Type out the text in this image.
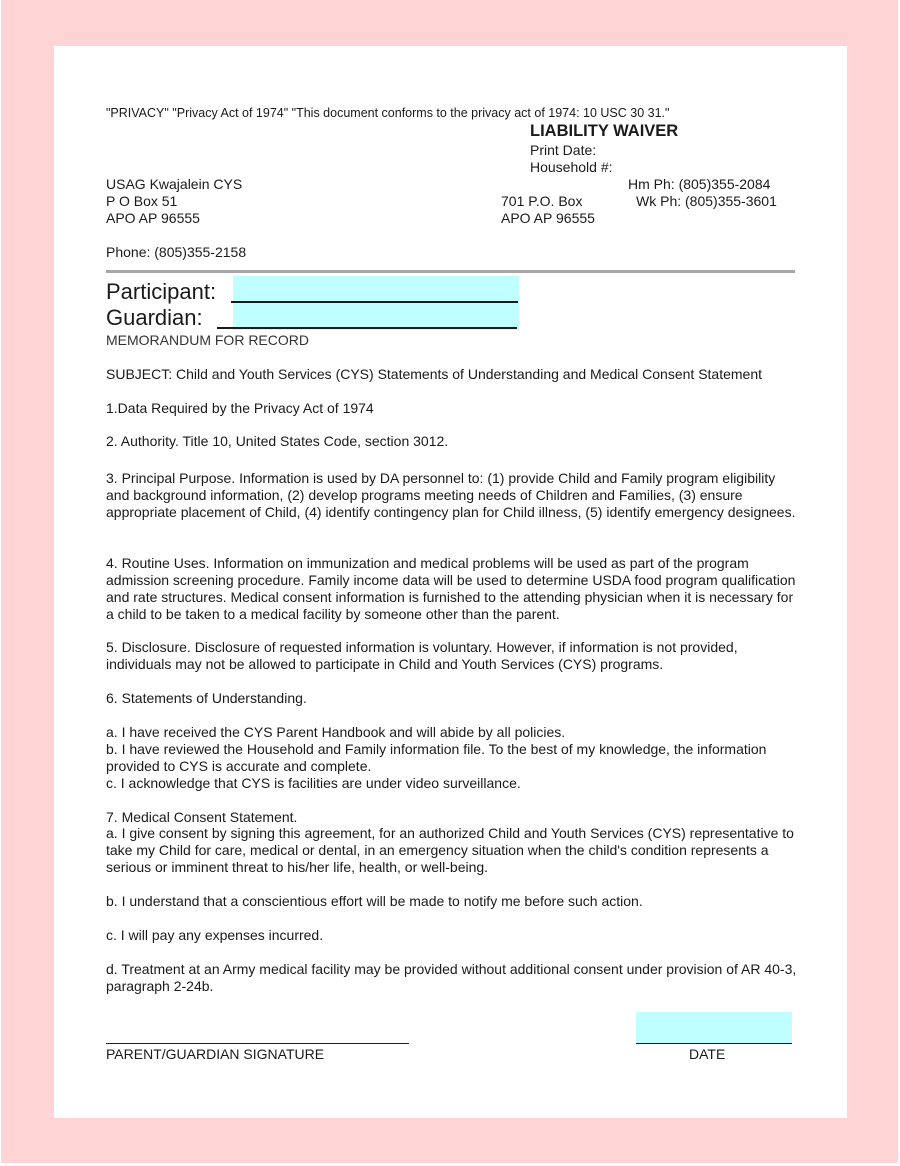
"PRIVACY" "Privacy Act of 1974" "This document conforms to the privacy act of 1974: 10 USC 30 31."
LIABILITY WAIVER
Print Date:
Household #:
USAG Kwajalein CYS
P O Box 51
APO AP 96555
Phone: (805)355-2158
Hm Ph: (805)355-2084
701 P.O. Box	Wk Ph: (805)355-3601
APO AP 96555
Participant:
Guardian:
MEMORANDUM FOR RECORD
SUBJECT: Child and Youth Services (CYS) Statements of Understanding and Medical Consent Statement
1.Data Required by the Privacy Act of 1974
2. Authority. Title 10, United States Code, section 3012.
3. Principal Purpose. Information is used by DA personnel to: (1) provide Child and Family program eligibility and background information, (2) develop programs meeting needs of Children and Families, (3) ensure appropriate placement of Child, (4) identify contingency plan for Child illness, (5) identify emergency designees.
4. Routine Uses. Information on immunization and medical problems will be used as part of the program admission screening procedure. Family income data will be used to determine USDA food program qualification and rate structures. Medical consent information is furnished to the attending physician when it is necessary for a child to be taken to a medical facility by someone other than the parent.
5. Disclosure. Disclosure of requested information is voluntary. However, if information is not provided, individuals may not be allowed to participate in Child and Youth Services (CYS) programs.
6. Statements of Understanding.
a. I have received the CYS Parent Handbook and will abide by all policies.
b. I have reviewed the Household and Family information file. To the best of my knowledge, the information provided to CYS is accurate and complete.
c. I acknowledge that CYS is facilities are under video surveillance.
7. Medical Consent Statement.
a. I give consent by signing this agreement, for an authorized Child and Youth Services (CYS) representative to take my Child for care, medical or dental, in an emergency situation when the child's condition represents a serious or imminent threat to his/her life, health, or well-being.
b. I understand that a conscientious effort will be made to notify me before such action.
c. I will pay any expenses incurred.
d. Treatment at an Army medical facility may be provided without additional consent under provision of AR 40-3, paragraph 2-24b.
PARENT/GUARDIAN SIGNATURE	DATE
